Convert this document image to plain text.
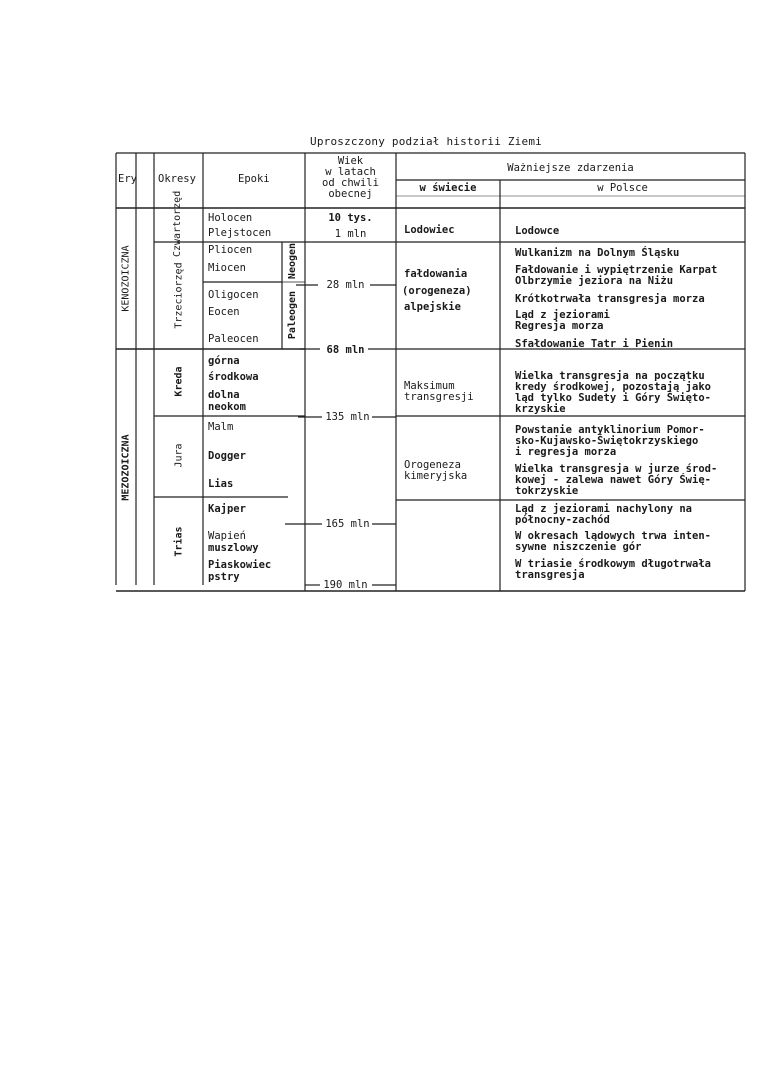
Uproszczony podział historii Ziemi
Ery Okresy	Epoki
Wiek
w latach
od chwili
obecnej
Ważniejsze zdarzenia
w świecie	w Polsce
KENOZOICZNA
MEZOZOICZNA
Czwartorzęd
Trzeciorzęd
Kreda
Jura
Trias
Neogen
Paleogen
Holocen
Plejstocen
Pliocen
Miocen
Oligocen
Eocen
Paleocen
górna
środkowa
dolna
neokom
Malm
Dogger
Lias
Kajper
Wapień
muszlowy
Piaskowiec
pstry
10 tys.
1 mln
28 mln
68 mln
135 mln
165 mln
190 mln
Lodowiec
fałdowania
(orogeneza)
alpejskie
Maksimum
transgresji
Orogeneza
kimeryjska
Lodowce
Wulkanizm na Dolnym Śląsku
Fałdowanie i wypiętrzenie Karpat
Olbrzymie jeziora na Niżu
Krótkotrwała transgresja morza
Ląd z jeziorami
Regresja morza
Sfałdowanie Tatr i Pienin
Wielka transgresja na początku
kredy środkowej, pozostają jako
ląd tylko Sudety i Góry Święto-
krzyskie
Powstanie antyklinorium Pomor-
sko-Kujawsko-Świętokrzyskiego
i regresja morza
Wielka transgresja w jurze środ-
kowej - zalewa nawet Góry Świę-
tokrzyskie
Ląd z jeziorami nachylony na
północny-zachód
W okresach lądowych trwa inten-
sywne niszczenie gór
W triasie środkowym długotrwała
transgresja
